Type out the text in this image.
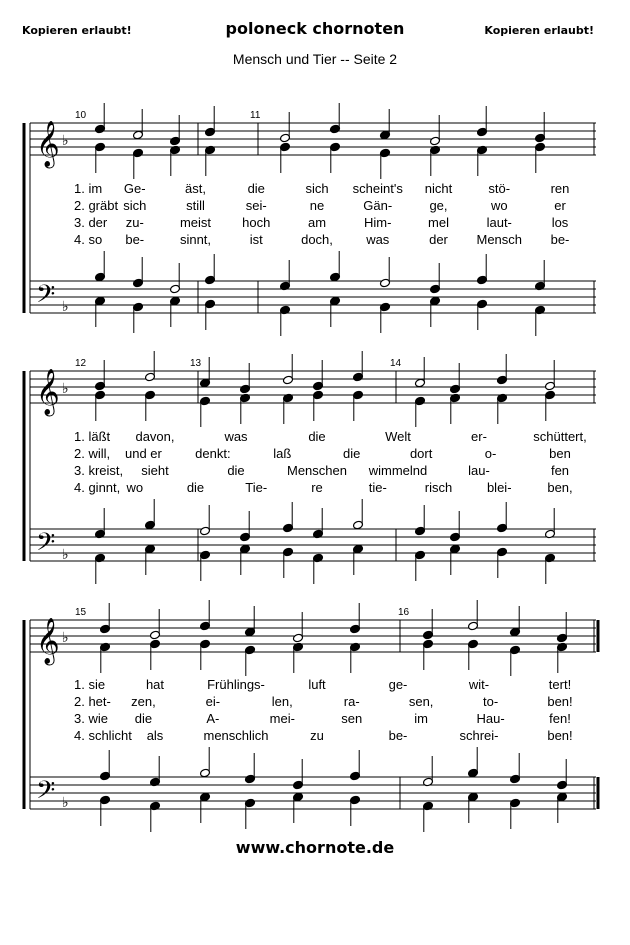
Kopieren erlaubt!	poloneck chornoten	Kopieren erlaubt!
Mensch und Tier -- Seite 2
𝄞
𝄢
♭
♭
10	11
1. im Ge-	äst,	die	sich scheint's nicht	stö-	ren
2. gräbt sich	still	sei-	ne	Gän-	ge,	wo	er
3. der zu-	meist hoch	am	Him-	mel	laut-	los
4. so be-	sinnt,	ist	doch,	was	der Mensch be-
𝄞
𝄢
♭
♭
12	13	14
1. läßt davon,	was	die	Welt	er-	schüttert,
2. will, und er	denkt:	laß	die	dort	o-	ben
3. kreist, sieht	die	Menschen wimmelnd	lau-	fen
4. ginnt, wo	die	Tie-	re	tie-	risch	blei-	ben,
𝄞
𝄢
♭
♭
15	16
1. sie	hat	Frühlings-	luft	ge-	wit-	tert!
2. het- zen,	ei-	len,	ra-	sen,	to-	ben!
3. wie die	A-	mei-	sen	im	Hau-	fen!
4. schlicht als	menschlich	zu	be-	schrei-	ben!
www.chornote.de
